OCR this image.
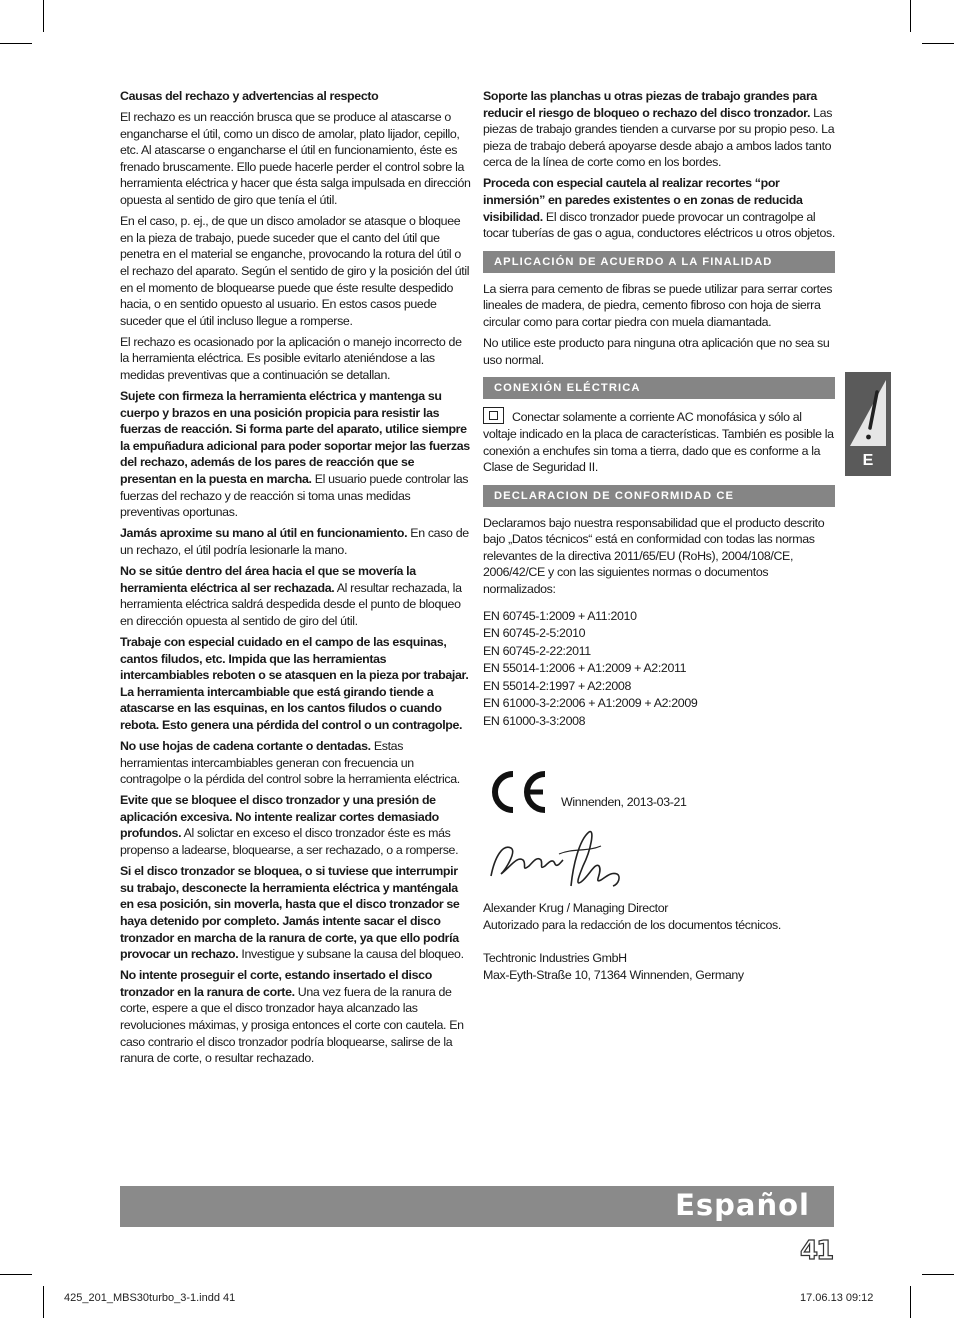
Causas del rechazo y advertencias al respecto

El rechazo es un reacción brusca que se produce al atascarse o engancharse el útil, como un disco de amolar, plato lijador, cepillo, etc. Al atascarse o engancharse el útil en funcionamiento, éste es frenado bruscamente. Ello puede hacerle perder el control sobre la herramienta eléctrica y hacer que ésta salga impulsada en dirección opuesta al sentido de giro que tenía el útil.

En el caso, p. ej., de que un disco amolador se atasque o bloquee en la pieza de trabajo, puede suceder que el canto del útil que penetra en el material se enganche, provocando la rotura del útil o el rechazo del aparato. Según el sentido de giro y la posición del útil en el momento de bloquearse puede que éste resulte despedido hacia, o en sentido opuesto al usuario. En estos casos puede suceder que el útil incluso llegue a romperse.

El rechazo es ocasionado por la aplicación o manejo incorrecto de la herramienta eléctrica. Es posible evitarlo ateniéndose a las medidas preventivas que a continuación se detallan.

Sujete con firmeza la herramienta eléctrica y mantenga su cuerpo y brazos en una posición propicia para resistir las fuerzas de reacción. Si forma parte del aparato, utilice siempre la empuñadura adicional para poder soportar mejor las fuerzas del rechazo, además de los pares de reacción que se presentan en la puesta en marcha. El usuario puede controlar las fuerzas del rechazo y de reacción si toma unas medidas preventivas oportunas.

Jamás aproxime su mano al útil en funcionamiento. En caso de un rechazo, el útil podría lesionarle la mano.

No se sitúe dentro del área hacia el que se movería la herramienta eléctrica al ser rechazada. Al resultar rechazada, la herramienta eléctrica saldrá despedida desde el punto de bloqueo en dirección opuesta al sentido de giro del útil.

Trabaje con especial cuidado en el campo de las esquinas, cantos filudos, etc. Impida que las herramientas intercambiables reboten o se atasquen en la pieza por trabajar. La herramienta intercambiable que está girando tiende a atascarse en las esquinas, en los cantos filudos o cuando rebota. Esto genera una pérdida del control o un contragolpe.

No use hojas de cadena cortante o dentadas. Estas herramientas intercambiables generan con frecuencia un contragolpe o la pérdida del control sobre la herramienta eléctrica.

Evite que se bloquee el disco tronzador y una presión de aplicación excesiva. No intente realizar cortes demasiado profundos. Al solictar en exceso el disco tronzador éste es más propenso a ladearse, bloquearse, a ser rechazado, o a romperse.

Si el disco tronzador se bloquea, o si tuviese que interrumpir su trabajo, desconecte la herramienta eléctrica y manténgala en esa posición, sin moverla, hasta que el disco tronzador se haya detenido por completo. Jamás intente sacar el disco tronzador en marcha de la ranura de corte, ya que ello podría provocar un rechazo. Investigue y subsane la causa del bloqueo.

No intente proseguir el corte, estando insertado el disco tronzador en la ranura de corte. Una vez fuera de la ranura de corte, espere a que el disco tronzador haya alcanzado las revoluciones máximas, y prosiga entonces el corte con cautela. En caso contrario el disco tronzador podría bloquearse, salirse de la ranura de corte, o resultar rechazado.

Soporte las planchas u otras piezas de trabajo grandes para reducir el riesgo de bloqueo o rechazo del disco tronzador. Las piezas de trabajo grandes tienden a curvarse por su propio peso. La pieza de trabajo deberá apoyarse desde abajo a ambos lados tanto cerca de la línea de corte como en los bordes.

Proceda con especial cautela al realizar recortes “por inmersión” en paredes existentes o en zonas de reducida visibilidad. El disco tronzador puede provocar un contragolpe al tocar tuberías de gas o agua, conductores eléctricos u otros objetos.

APLICACIÓN DE ACUERDO A LA FINALIDAD

La sierra para cemento de fibras se puede utilizar para serrar cortes lineales de madera, de piedra, cemento fibroso con hoja de sierra circular como para cortar piedra con muela diamantada.

No utilice este producto para ninguna otra aplicación que no sea su uso normal.

CONEXIÓN ELÉCTRICA

Conectar solamente a corriente AC monofásica y sólo al voltaje indicado en la placa de características. También es posible la conexión a enchufes sin toma a tierra, dado que es conforme a la Clase de Seguridad II.

DECLARACION DE CONFORMIDAD CE

Declaramos bajo nuestra responsabilidad que el producto descrito bajo „Datos técnicos“ está en conformidad con todas las normas relevantes de la directiva 2011/65/EU (RoHs), 2004/108/CE, 2006/42/CE y con las siguientes normas o documentos normalizados:

EN 60745-1:2009 + A11:2010
EN 60745-2-5:2010
EN 60745-2-22:2011
EN 55014-1:2006 + A1:2009 + A2:2011
EN 55014-2:1997 + A2:2008
EN 61000-3-2:2006 + A1:2009 + A2:2009
EN 61000-3-3:2008
Winnenden, 2013-03-21
Alexander Krug / Managing Director
Autorizado para la redacción de los documentos técnicos.
Techtronic Industries GmbH
Max-Eyth-Straße 10, 71364 Winnenden, Germany
E
Español
41
425_201_MBS30turbo_3-1.indd 41	17.06.13 09:12
